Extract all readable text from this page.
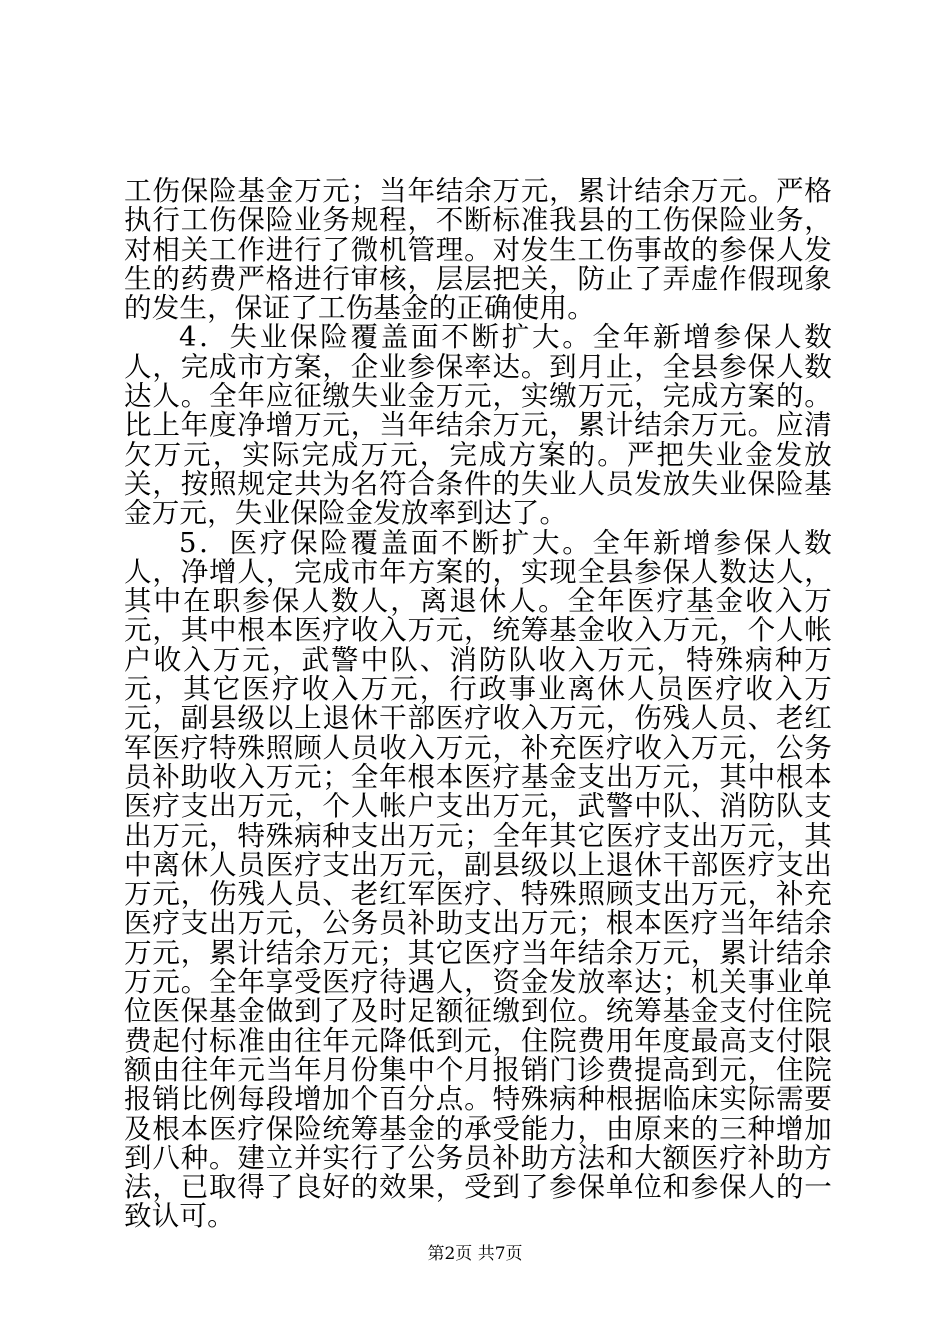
工伤保险基金万元；当年结余万元，累计结余万元。严格执行工伤保险业务规程，不断标准我县的工伤保险业务，对相关工作进行了微机管理。对发生工伤事故的参保人发生的药费严格进行审核，层层把关，防止了弄虚作假现象的发生，保证了工伤基金的正确使用。

4．失业保险覆盖面不断扩大。全年新增参保人数人，完成市方案，企业参保率达。到月止，全县参保人数达人。全年应征缴失业金万元，实缴万元，完成方案的。比上年度净增万元，当年结余万元，累计结余万元。应清欠万元，实际完成万元，完成方案的。严把失业金发放关，按照规定共为名符合条件的失业人员发放失业保险基金万元，失业保险金发放率到达了。

5．医疗保险覆盖面不断扩大。全年新增参保人数人，净增人，完成市年方案的，实现全县参保人数达人，其中在职参保人数人，离退休人。全年医疗基金收入万元，其中根本医疗收入万元，统筹基金收入万元，个人帐户收入万元，武警中队、消防队收入万元，特殊病种万元，其它医疗收入万元，行政事业离休人员医疗收入万元，副县级以上退休干部医疗收入万元，伤残人员、老红军医疗特殊照顾人员收入万元，补充医疗收入万元，公务员补助收入万元；全年根本医疗基金支出万元，其中根本医疗支出万元，个人帐户支出万元，武警中队、消防队支出万元，特殊病种支出万元；全年其它医疗支出万元，其中离休人员医疗支出万元，副县级以上退休干部医疗支出万元，伤残人员、老红军医疗、特殊照顾支出万元，补充医疗支出万元，公务员补助支出万元；根本医疗当年结余万元，累计结余万元；其它医疗当年结余万元，累计结余万元。全年享受医疗待遇人，资金发放率达；机关事业单位医保基金做到了及时足额征缴到位。统筹基金支付住院费起付标准由往年元降低到元，住院费用年度最高支付限额由往年元当年月份集中个月报销门诊费提高到元，住院报销比例每段增加个百分点。特殊病种根据临床实际需要及根本医疗保险统筹基金的承受能力，由原来的三种增加到八种。建立并实行了公务员补助方法和大额医疗补助方法，已取得了良好的效果，受到了参保单位和参保人的一致认可。

第2页 共7页
